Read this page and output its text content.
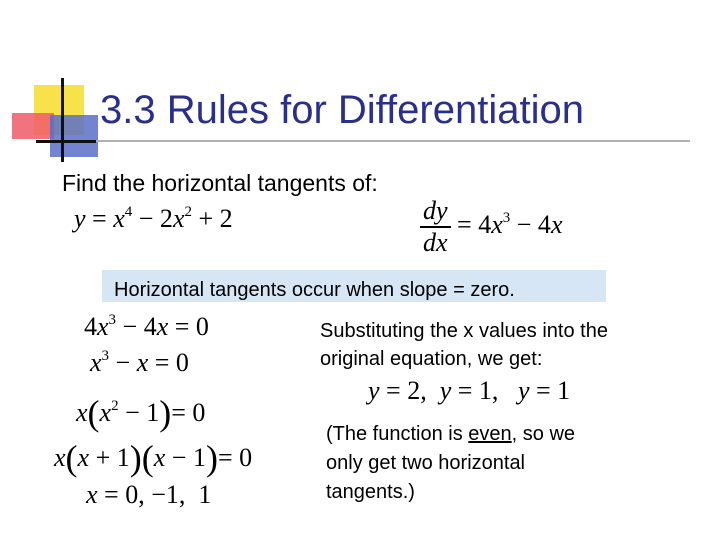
3.3 Rules for Differentiation
Find the horizontal tangents of:
$y = x^4 - 2x^2 + 2$	$\frac{dy}{dx} = 4x^3 - 4x$
Horizontal tangents occur when slope = zero.
$4x^3 - 4x = 0$
$x^3 - x = 0$
$x(x^2 - 1)= 0$
x(x + 1)(x − 1)= 0
x = 0, −1,  1
Substituting the x values into the
original equation, we get:
y = 2,  y = 1,   y = 1
(The function is even, so we
only get two horizontal
tangents.)
